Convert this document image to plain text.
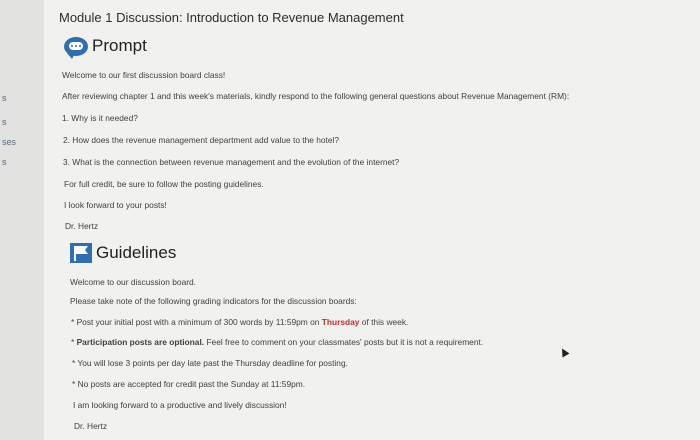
s
ses
s
s
Module 1 Discussion: Introduction to Revenue Management
Prompt
Welcome to our first discussion board class!
After reviewing chapter 1 and this week's materials, kindly respond to the following general questions about Revenue Management (RM):
1. Why is it needed?
2. How does the revenue management department add value to the hotel?
3. What is the connection between revenue management and the evolution of the internet?
For full credit, be sure to follow the posting guidelines.
I look forward to your posts!
Dr. Hertz
Guidelines
Welcome to our discussion board.
Please take note of the following grading indicators for the discussion boards:
* Post your initial post with a minimum of 300 words by 11:59pm on Thursday of this week.
* Participation posts are optional. Feel free to comment on your classmates' posts but it is not a requirement.
* You will lose 3 points per day late past the Thursday deadline for posting.
* No posts are accepted for credit past the Sunday at 11:59pm.
I am looking forward to a productive and lively discussion!
Dr. Hertz
